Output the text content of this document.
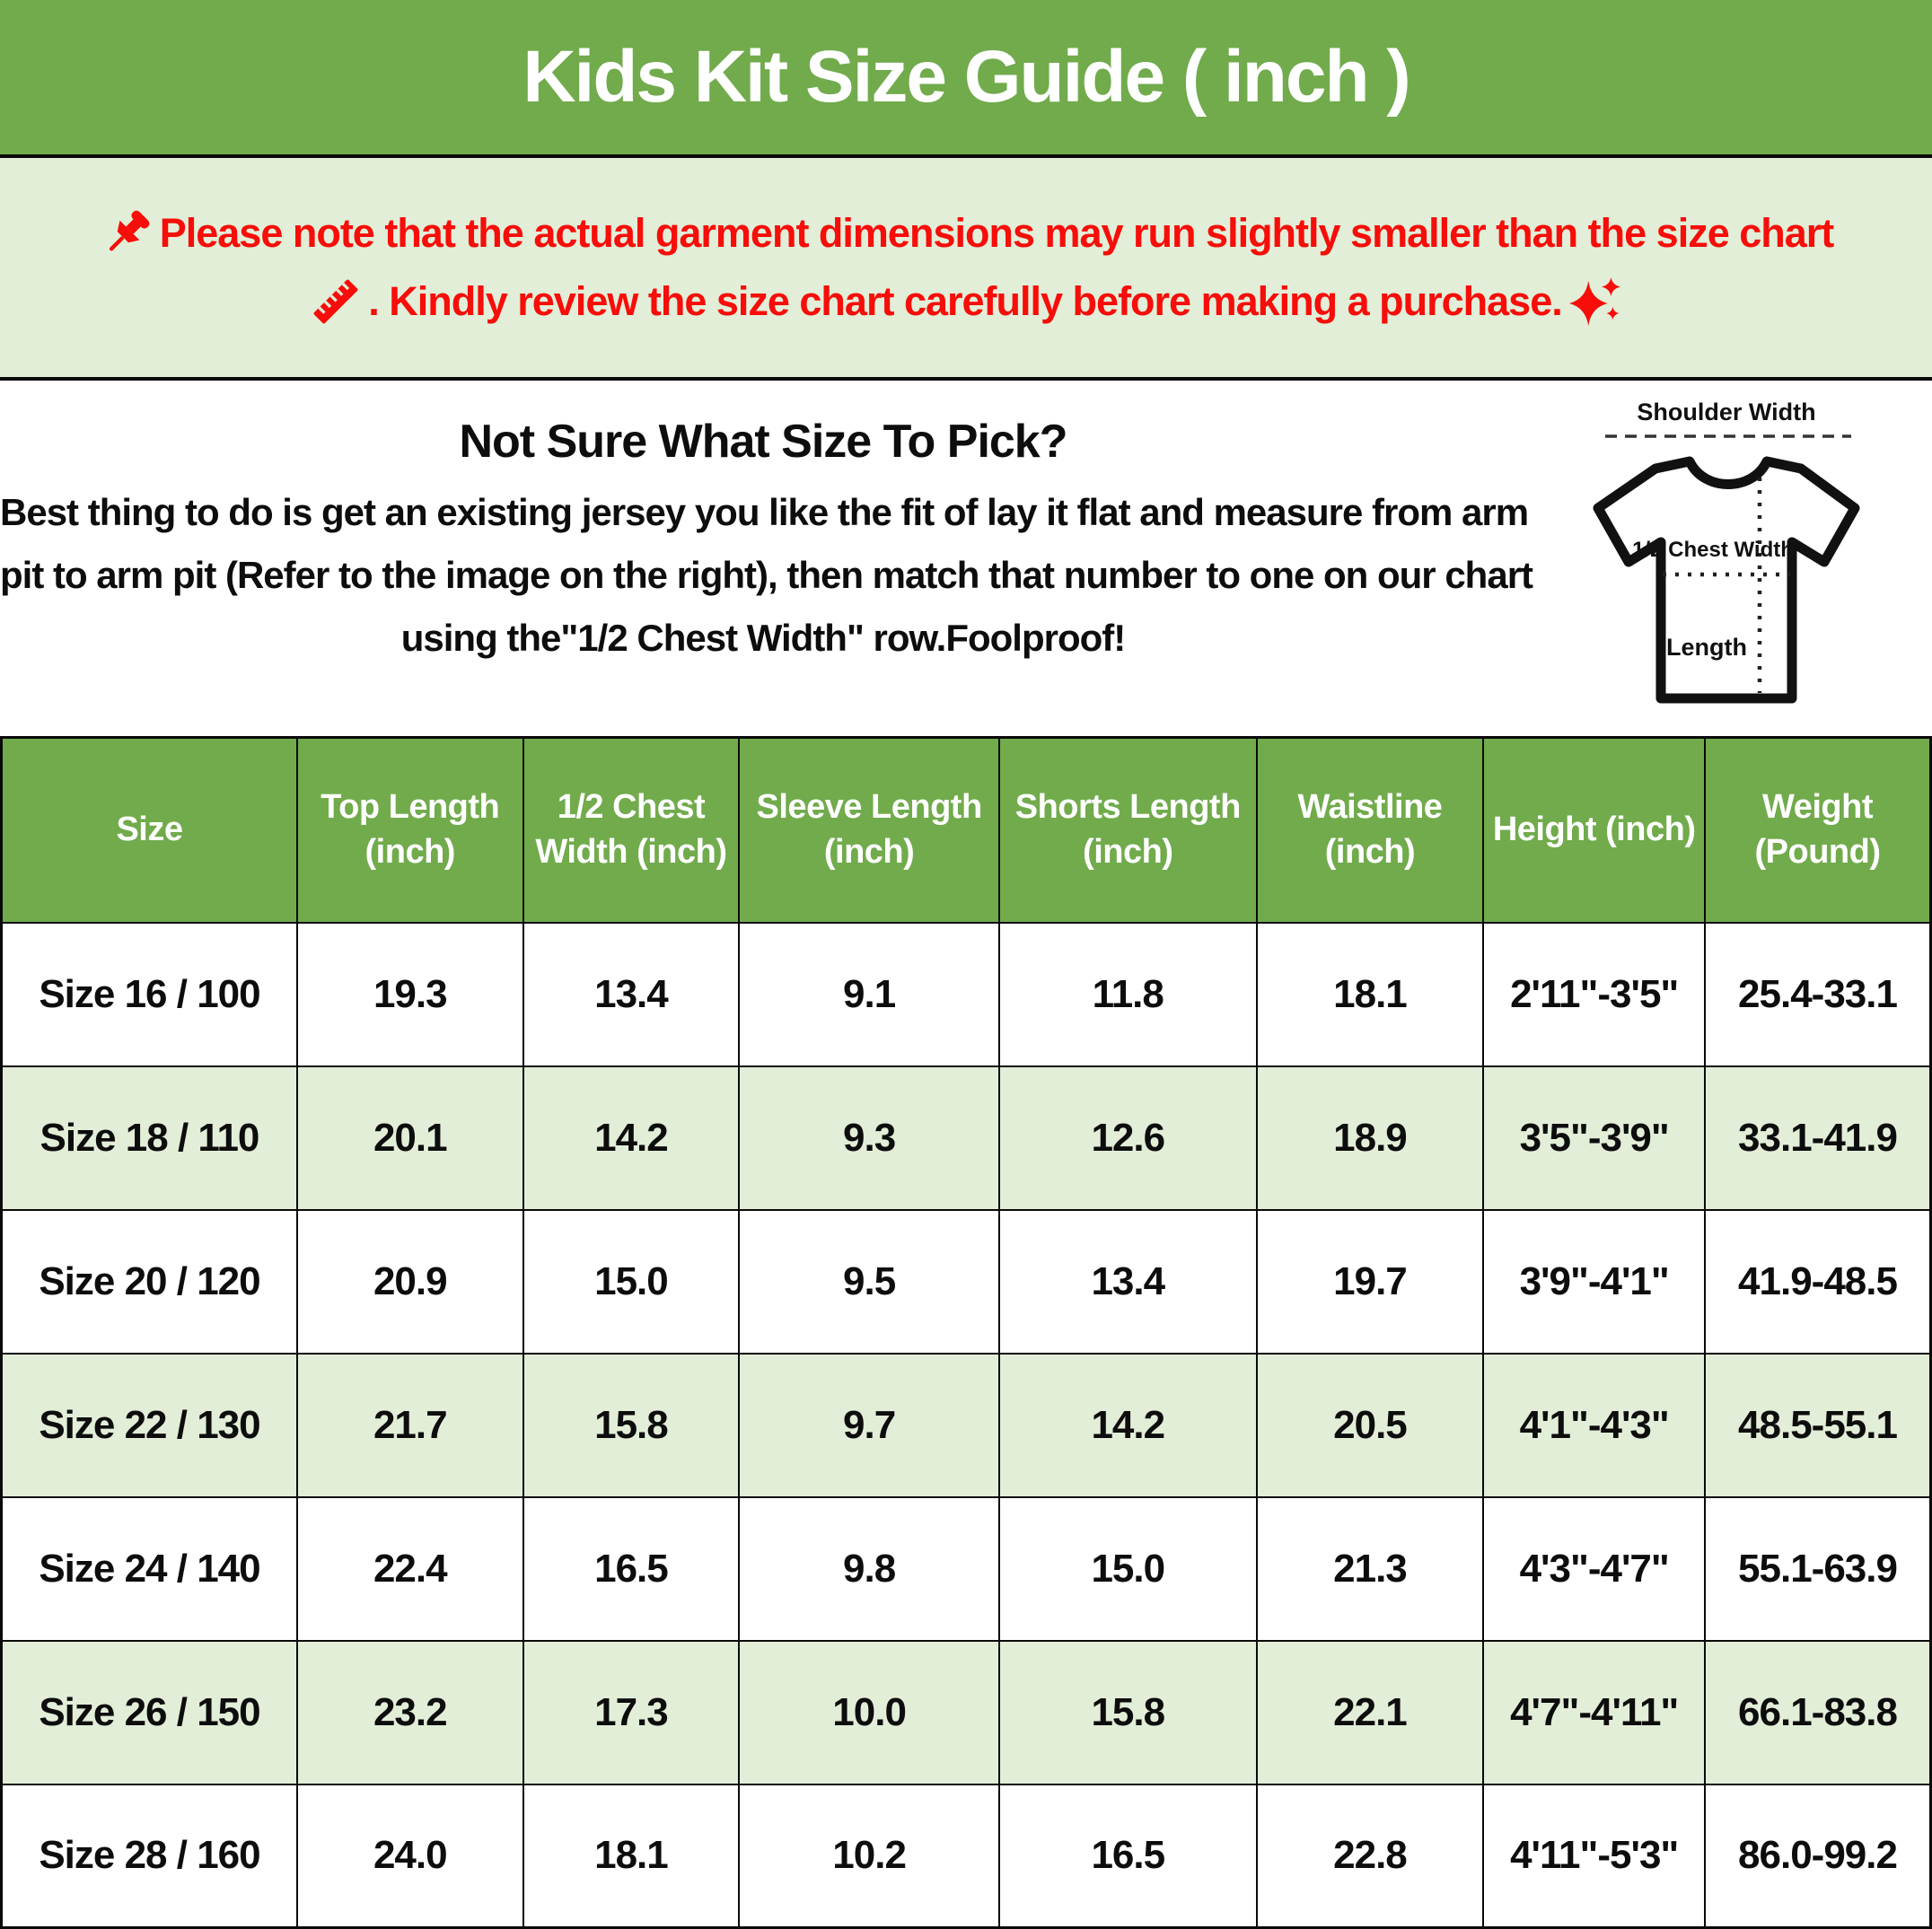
Kids Kit Size Guide ( inch )
Please note that the actual garment dimensions may run slightly smaller than the size chart
. Kindly review the size chart carefully before making a purchase.
Not Sure What Size To Pick?
Best thing to do is get an existing jersey you like the fit of lay it flat and measure from arm
pit to arm pit (Refer to the image on the right), then match that number to one on our chart
using the"1/2 Chest Width" row.Foolproof!
Shoulder Width
1/2 Chest Width
Length
Size	Top Length (inch)	1/2 Chest Width (inch)	Sleeve Length (inch)	Shorts Length (inch)	Waistline (inch)	Height (inch)	Weight (Pound)
Size 16 / 100	19.3	13.4	9.1	11.8	18.1	2'11"-3'5"	25.4-33.1
Size 18 / 110	20.1	14.2	9.3	12.6	18.9	3'5"-3'9"	33.1-41.9
Size 20 / 120	20.9	15.0	9.5	13.4	19.7	3'9"-4'1"	41.9-48.5
Size 22 / 130	21.7	15.8	9.7	14.2	20.5	4'1"-4'3"	48.5-55.1
Size 24 / 140	22.4	16.5	9.8	15.0	21.3	4'3"-4'7"	55.1-63.9
Size 26 / 150	23.2	17.3	10.0	15.8	22.1	4'7"-4'11"	66.1-83.8
Size 28 / 160	24.0	18.1	10.2	16.5	22.8	4'11"-5'3"	86.0-99.2
